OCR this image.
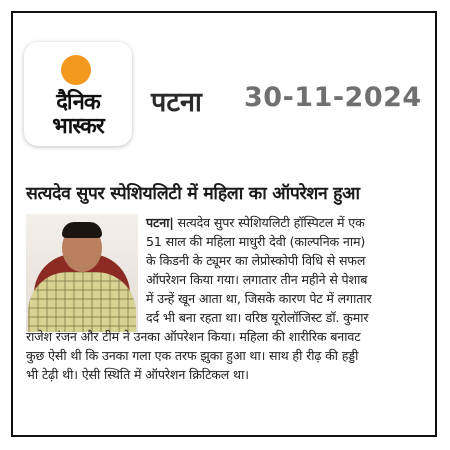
दैनिक
भास्कर
पटना 30-11-2024
सत्यदेव सुपर स्पेशियलिटी में महिला का ऑपरेशन हुआ
पटना| सत्यदेव सुपर स्पेशियलिटी हॉस्पिटल में एक
51 साल की महिला माधुरी देवी (काल्पनिक नाम)
के किडनी के ट्यूमर का लेप्रोस्कोपी विधि से सफल
ऑपरेशन किया गया। लगातार तीन महीने से पेशाब
में उन्हें खून आता था, जिसके कारण पेट में लगातार
दर्द भी बना रहता था। वरिष्ठ यूरोलॉजिस्ट डॉ. कुमार
राजेश रंजन और टीम ने उनका ऑपरेशन किया। महिला की शारीरिक बनावट
कुछ ऐसी थी कि उनका गला एक तरफ झुका हुआ था। साथ ही रीढ़ की हड्डी
भी टेढ़ी थी। ऐसी स्थिति में ऑपरेशन क्रिटिकल था।
